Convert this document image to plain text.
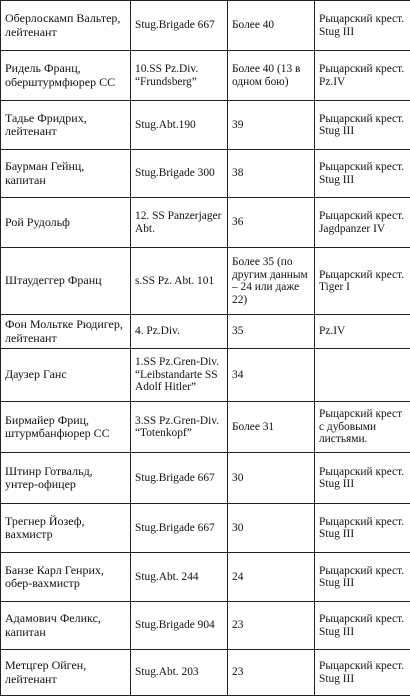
Оберлоскамп Вальтер, лейтенант	Stug.Brigade 667	Более 40	Рыцарский крест. Stug III
Ридель Франц, оберштурмфюрер СС	10.SS Pz.Div. “Frundsberg”	Более 40 (13 в одном бою)	Рыцарский крест. Pz.IV
Тадье Фридрих, лейтенант	Stug.Abt.190	39	Рыцарский крест. Stug III
Баурман Гейнц, капитан	Stug.Brigade 300	38	Рыцарский крест. Stug III
Рой Рудольф	12. SS Panzerjager Abt.	36	Рыцарский крест. Jagdpanzer IV
Штаудеггер Франц	s.SS Pz. Abt. 101	Более 35 (по другим данным – 24 или даже 22)	Рыцарский крест. Tiger I
Фон Мольтке Рюдигер, лейтенант	4. Pz.Div.	35	Pz.IV
Даузер Ганс	1.SS Pz.Gren-Div. “Leibstandarte SS Adolf Hitler”	34	
Бирмайер Фриц, штурмбанфюрер СС	3.SS Pz.Gren-Div. “Totenkopf”	Более 31	Рыцарский крест с дубовыми листьями.
Штинр Готвальд, унтер-офицер	Stug.Brigade 667	30	Рыцарский крест. Stug III
Трегнер Йозеф, вахмистр	Stug.Brigade 667	30	Рыцарский крест. Stug III
Банзе Карл Генрих, обер-вахмистр	Stug.Abt. 244	24	Рыцарский крест. Stug III
Адамович Феликс, капитан	Stug.Brigade 904	23	Рыцарский крест. Stug III
Метцгер Ойген, лейтенант	Stug.Abt. 203	23	Рыцарский крест. Stug III
